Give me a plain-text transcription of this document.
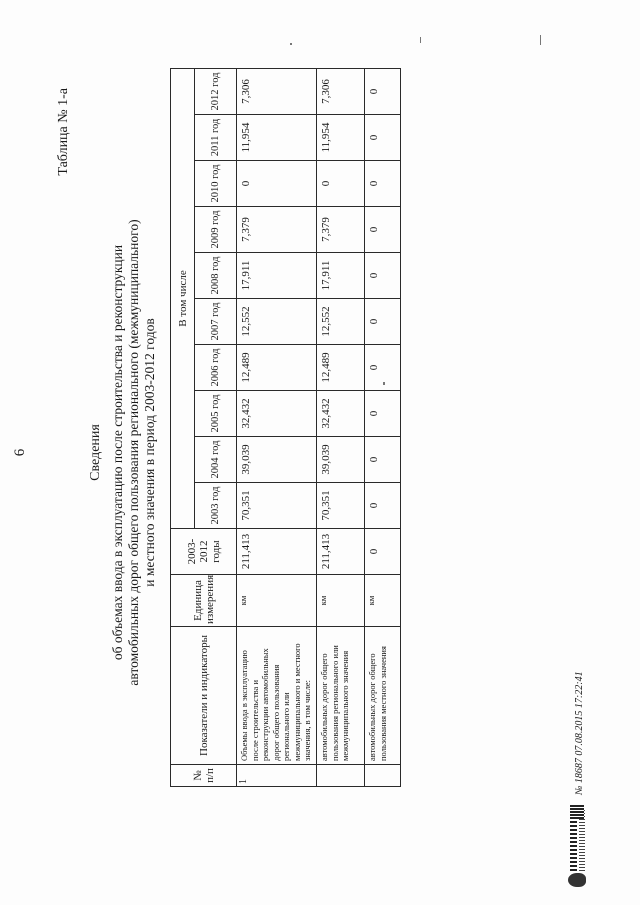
6
Таблица № 1-а
Сведения об объемах ввода в эксплуатацию после строительства и реконструкции автомобильных дорог общего пользования регионального (межмуниципального) и местного значения в период 2003-2012 годов
№ п/п	Показатели и индикаторы	Единица измерения	2003-2012 годы	В том числе									
				2003 год	2004 год	2005 год	2006 год	2007 год	2008 год	2009 год	2010 год	2011 год	2012 год
1	Объемы ввода в эксплуатацию после строительства и реконструкции автомобильных дорог общего пользования регионального или межмуниципального и местного значения, в том числе:	км	211,413	70,351	39,039	32,432	12,489	12,552	17,911	7,379	0	11,954	7,306
	автомобильных дорог общего пользования регионального или межмуниципального значения	км	211,413	70,351	39,039	32,432	12,489	12,552	17,911	7,379	0	11,954	7,306
	автомобильных дорог общего пользования местного значения	км	0	0	0	0	0	0	0	0	0	0	0
№ 18687 07.08.2015 17:22:41
